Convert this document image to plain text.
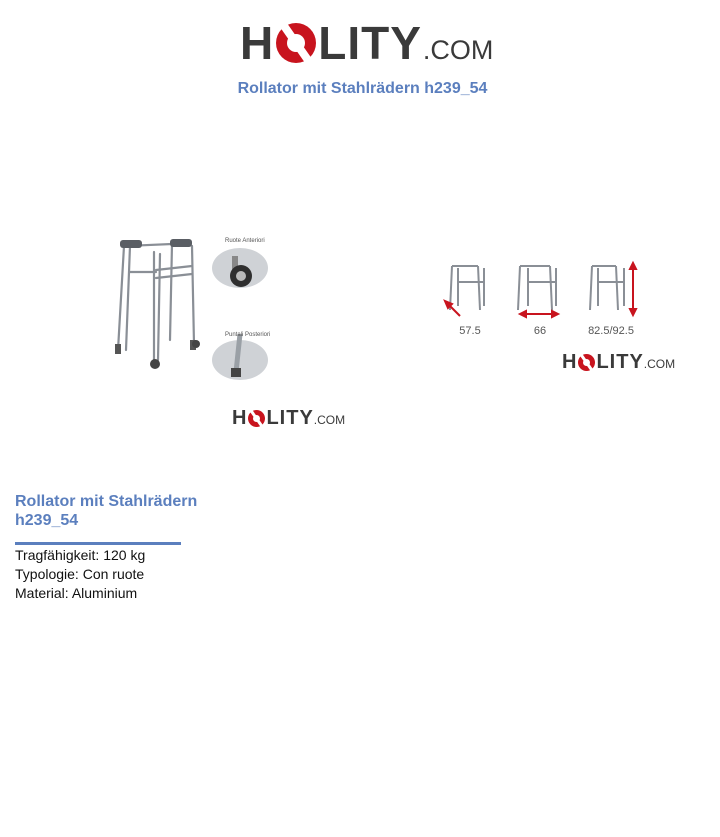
H LITY .COM
Rollator mit Stahlrädern h239_54
Ruote Anteriori
Puntali Posteriori
H LITY .COM
57.5	66	82.5/92.5
H LITY .COM
Rollator mit Stahlrädern
h239_54
Tragfähigkeit: 120 kg
Typologie: Con ruote
Material: Aluminium
